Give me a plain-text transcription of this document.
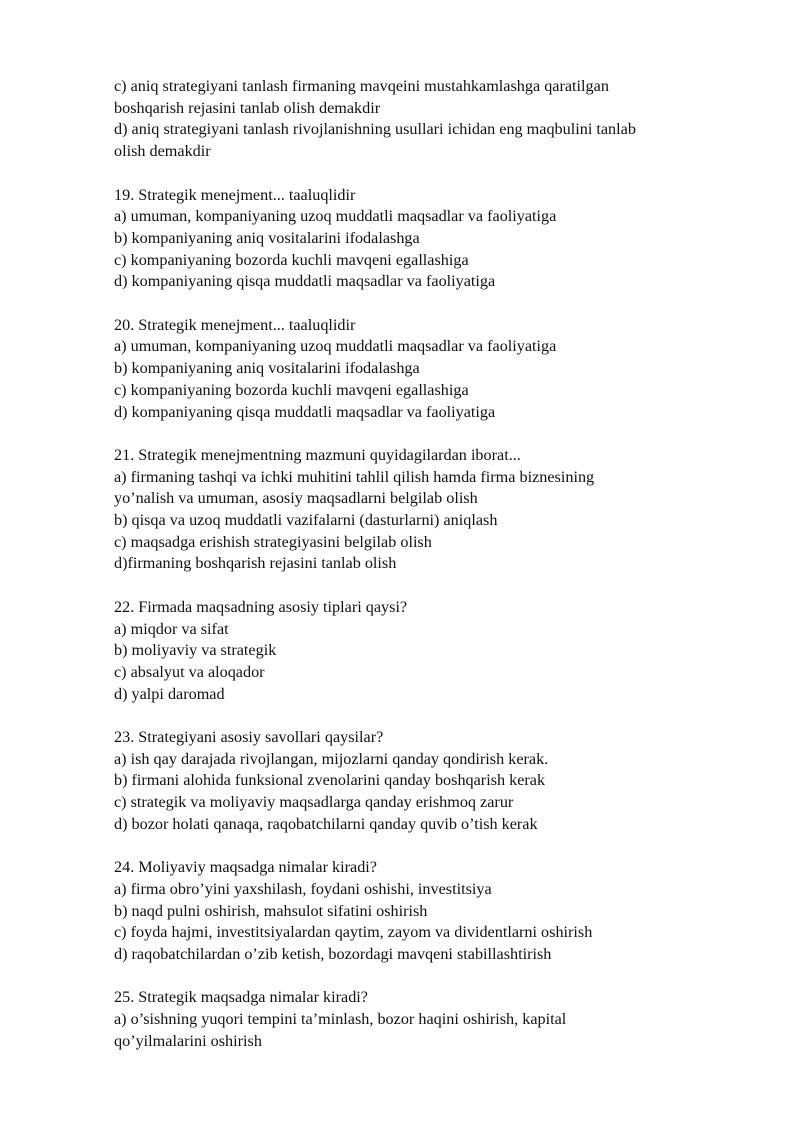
c) aniq strategiyani tanlash firmaning mavqeini mustahkamlashga qaratilgan
boshqarish rejasini tanlab olish demakdir
d) aniq strategiyani tanlash rivojlanishning usullari ichidan eng maqbulini tanlab
olish demakdir
19. Strategik menejment... taaluqlidir
a) umuman, kompaniyaning uzoq muddatli maqsadlar va faoliyatiga
b) kompaniyaning aniq vositalarini ifodalashga
c) kompaniyaning bozorda kuchli mavqeni egallashiga
d) kompaniyaning qisqa muddatli maqsadlar va faoliyatiga
20. Strategik menejment... taaluqlidir
a) umuman, kompaniyaning uzoq muddatli maqsadlar va faoliyatiga
b) kompaniyaning aniq vositalarini ifodalashga
c) kompaniyaning bozorda kuchli mavqeni egallashiga
d) kompaniyaning qisqa muddatli maqsadlar va faoliyatiga
21. Strategik menejmentning mazmuni quyidagilardan iborat...
a) firmaning tashqi va ichki muhitini tahlil qilish hamda firma biznesining
yo’nalish va umuman, asosiy maqsadlarni belgilab olish
b) qisqa va uzoq muddatli vazifalarni (dasturlarni) aniqlash
c) maqsadga erishish strategiyasini belgilab olish
d)firmaning boshqarish rejasini tanlab olish
22. Firmada maqsadning asosiy tiplari qaysi?
a) miqdor va sifat
b) moliyaviy va strategik
c) absalyut va aloqador
d) yalpi daromad
23. Strategiyani asosiy savollari qaysilar?
a) ish qay darajada rivojlangan, mijozlarni qanday qondirish kerak.
b) firmani alohida funksional zvenolarini qanday boshqarish kerak
c) strategik va moliyaviy maqsadlarga qanday erishmoq zarur
d) bozor holati qanaqa, raqobatchilarni qanday quvib o’tish kerak
24. Moliyaviy maqsadga nimalar kiradi?
a) firma obro’yini yaxshilash, foydani oshishi, investitsiya
b) naqd pulni oshirish, mahsulot sifatini oshirish
c) foyda hajmi, investitsiyalardan qaytim, zayom va dividentlarni oshirish
d) raqobatchilardan o’zib ketish, bozordagi mavqeni stabillashtirish
25. Strategik maqsadga nimalar kiradi?
a) o’sishning yuqori tempini ta’minlash, bozor haqini oshirish, kapital
qo’yilmalarini oshirish
